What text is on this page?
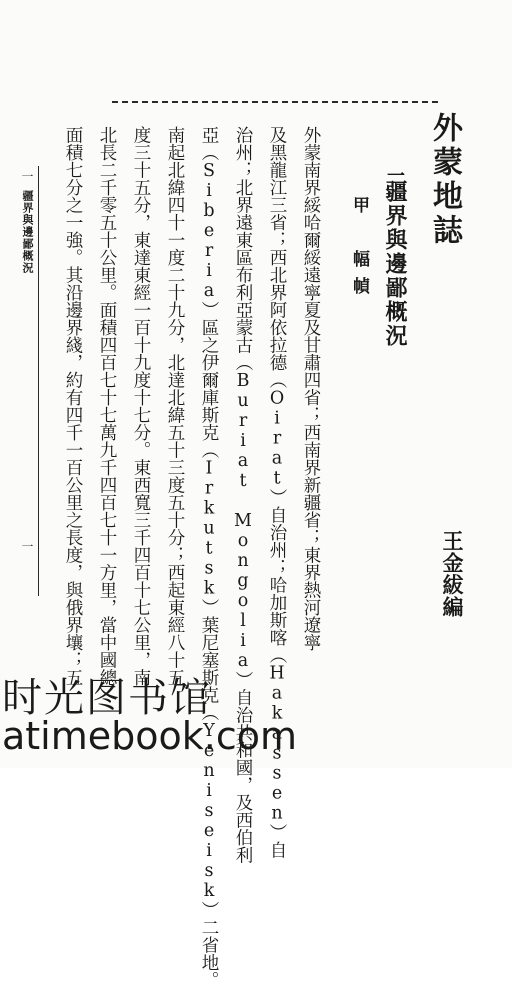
外蒙地誌
王金紱編
一
疆界與邊鄙概況
甲　幅幀
外蒙南界綏哈爾綏遠寧夏及甘肅四省；西南界新疆省；東界熱河遼寧
及黑龍江三省；西北界阿依拉德（Oirat）自治州；哈加斯喀（Hakassen）自
治州；北界遠東區布利亞蒙古（Buriat Mongolia）自治共和國，及西伯利
亞（Siberia）區之伊爾庫斯克（Irkutsk）葉尼塞斯克（Yeniseisk）二省地。
南起北緯四十一度二十九分，北達北緯五十三度五十分；西起東經八十五
度三十五分，東達東經一百十九度十七分。東西寬三千四百十七公里，南
北長二千零五十公里。面積四百七十七萬九千四百七十一方里，當中國總
面積七分之一強。其沿邊界綫，約有四千一百公里之長度，與俄界壤；五
一
疆界與邊鄙概況
一
时光图书馆
atimebook.com
